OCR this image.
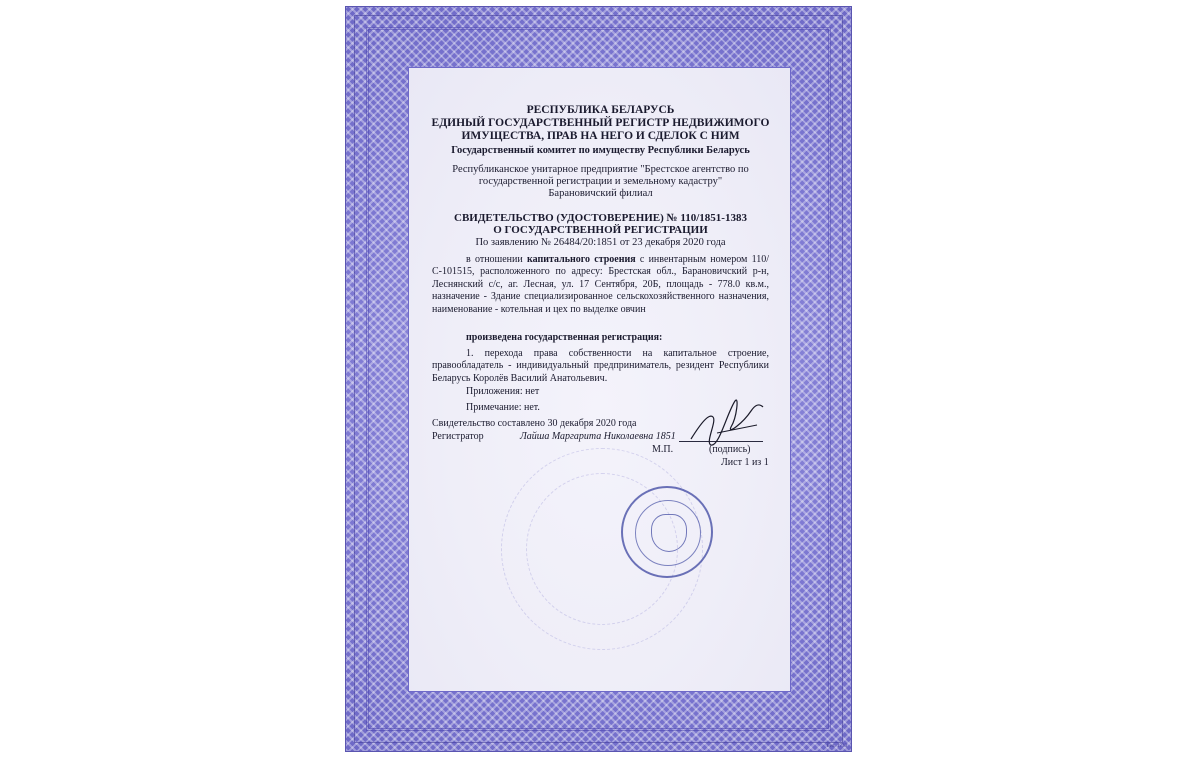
РЕСПУБЛИКА БЕЛАРУСЬ
ЕДИНЫЙ ГОСУДАРСТВЕННЫЙ РЕГИСТР НЕДВИЖИМОГО
ИМУЩЕСТВА, ПРАВ НА НЕГО И СДЕЛОК С НИМ
Государственный комитет по имуществу Республики Беларусь
Республиканское унитарное предприятие "Брестское агентство по
государственной регистрации и земельному кадастру"
Барановичский филиал
СВИДЕТЕЛЬСТВО (УДОСТОВЕРЕНИЕ) № 110/1851-1383
О ГОСУДАРСТВЕННОЙ РЕГИСТРАЦИИ
По заявлению № 26484/20:1851 от 23 декабря 2020 года
в отношении капитального строения с инвентарным номером 110/С-101515, расположенного по адресу: Брестская обл., Барановичский р-н, Леснянский с/с, аг. Лесная, ул. 17 Сентября, 20Б, площадь - 778.0 кв.м., назначение - Здание специализированное сельскохозяйственного назначения, наименование - котельная и цех по выделке овчин
произведена государственная регистрация:
1. перехода права собственности на капитальное строение, правообладатель - индивидуальный предприниматель, резидент Республики Беларусь Королёв Василий Анатольевич.
Приложения: нет
Примечание: нет.
Свидетельство составлено 30 декабря 2020 года
Регистратор	Лайша Маргарита Николаевна 1851
М.П.	(подпись)
Лист 1 из 1
Бел. 1733
